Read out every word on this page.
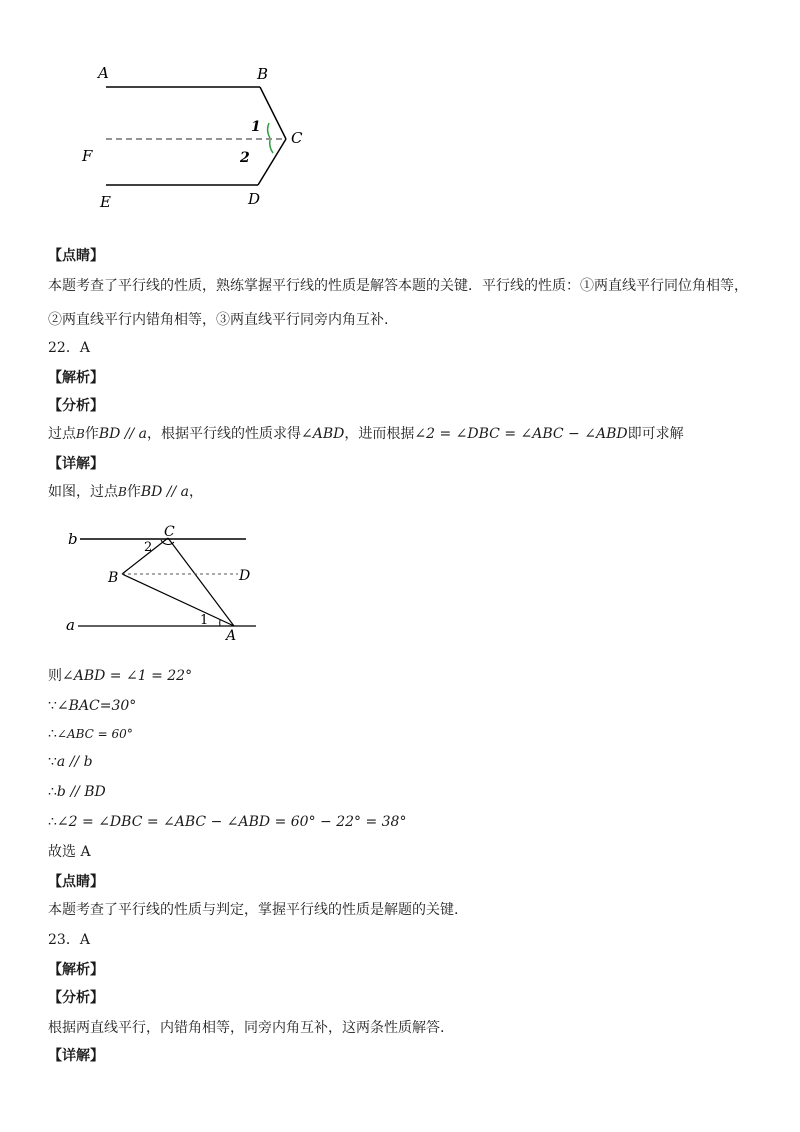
A	B
C
D
E
F
1
2
【点睛】
本题考查了平行线的性质，熟练掌握平行线的性质是解答本题的关键．平行线的性质：①两直线平行同位角相等，
②两直线平行内错角相等，③两直线平行同旁内角互补.
22．A
【解析】
【分析】
过点B作BD // a，根据平行线的性质求得∠ABD，进而根据∠2 = ∠DBC = ∠ABC − ∠ABD即可求解
【详解】
如图，过点B作BD // a，
b
a
C
B	D
A
2
1
则∠ABD = ∠1 = 22°
∵∠BAC=30°
∴∠ABC = 60°
∵a // b
∴b // BD
∴∠2 = ∠DBC = ∠ABC − ∠ABD = 60° − 22° = 38°
故选 A
【点睛】
本题考查了平行线的性质与判定，掌握平行线的性质是解题的关键.
23．A
【解析】
【分析】
根据两直线平行，内错角相等，同旁内角互补，这两条性质解答.
【详解】
